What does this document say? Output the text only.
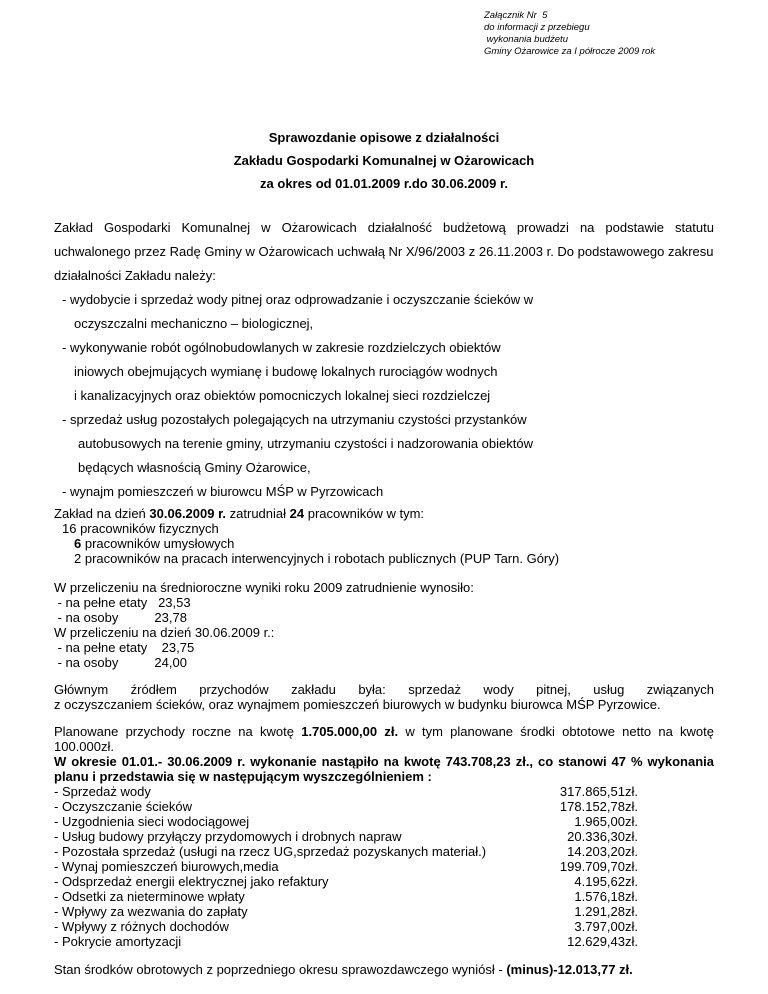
Załącznik Nr  5
do informacji z przebiegu
wykonania budżetu
Gminy Ożarowice za I półrocze 2009 rok
Sprawozdanie opisowe z działalności
Zakładu Gospodarki Komunalnej w Ożarowicach
za okres od 01.01.2009 r.do 30.06.2009 r.
Zakład Gospodarki Komunalnej w Ożarowicach działalność budżetową prowadzi na podstawie statutu
uchwalonego przez Radę Gminy w Ożarowicach uchwałą Nr X/96/2003 z 26.11.2003 r. Do podstawowego zakresu
działalności Zakładu należy:
- wydobycie i sprzedaż wody pitnej oraz odprowadzanie i oczyszczanie ścieków w
oczyszczalni mechaniczno – biologicznej,
- wykonywanie robót ogólnobudowlanych w zakresie rozdzielczych obiektów
iniowych obejmujących wymianę i budowę lokalnych rurociągów wodnych
i kanalizacyjnych oraz obiektów pomocniczych lokalnej sieci rozdzielczej
- sprzedaż usług pozostałych polegających na utrzymaniu czystości przystanków
autobusowych na terenie gminy, utrzymaniu czystości i nadzorowania obiektów
będących własnością Gminy Ożarowice,
- wynajm pomieszczeń w biurowcu MŚP w Pyrzowicach
Zakład na dzień 30.06.2009 r. zatrudniał 24 pracowników w tym:
16 pracowników fizycznych
6 pracowników umysłowych
2 pracowników na pracach interwencyjnych i robotach publicznych (PUP Tarn. Góry)
W przeliczeniu na średnioroczne wyniki roku 2009 zatrudnienie wynosiło:
- na pełne etaty   23,53
- na osoby          23,78
W przeliczeniu na dzień 30.06.2009 r.:
- na pełne etaty    23,75
- na osoby          24,00
Głównym źródłem przychodów zakładu była: sprzedaż wody pitnej, usług związanych
z oczyszczaniem ścieków, oraz wynajmem pomieszczeń biurowych w budynku biurowca MŚP Pyrzowice.
Planowane przychody roczne na kwotę 1.705.000,00 zł. w tym planowane środki obtotowe netto na kwotę
100.000zł.
W okresie 01.01.- 30.06.2009 r. wykonanie nastąpiło na kwotę 743.708,23 zł., co stanowi 47 % wykonania
planu i przedstawia się w następującym wyszczególnieniem :
- Sprzedaż wody	317.865,51zł.
- Oczyszczanie ścieków	178.152,78zł.
- Uzgodnienia sieci wodociągowej	1.965,00zł.
- Usług budowy przyłączy przydomowych i drobnych napraw	20.336,30zł.
- Pozostała sprzedaż (usługi na rzecz UG,sprzedaż pozyskanych materiał.)	14.203,20zł.
- Wynaj pomieszczeń biurowych,media	199.709,70zł.
- Odsprzedaż energii elektrycznej jako refaktury	4.195,62zł.
- Odsetki za nieterminowe wpłaty	1.576,18zł.
- Wpływy za wezwania do zapłaty	1.291,28zł.
- Wpływy z różnych dochodów	3.797,00zł.
- Pokrycie amortyzacji	12.629,43zł.
Stan środków obrotowych z poprzedniego okresu sprawozdawczego wyniósł - (minus)-12.013,77 zł.
